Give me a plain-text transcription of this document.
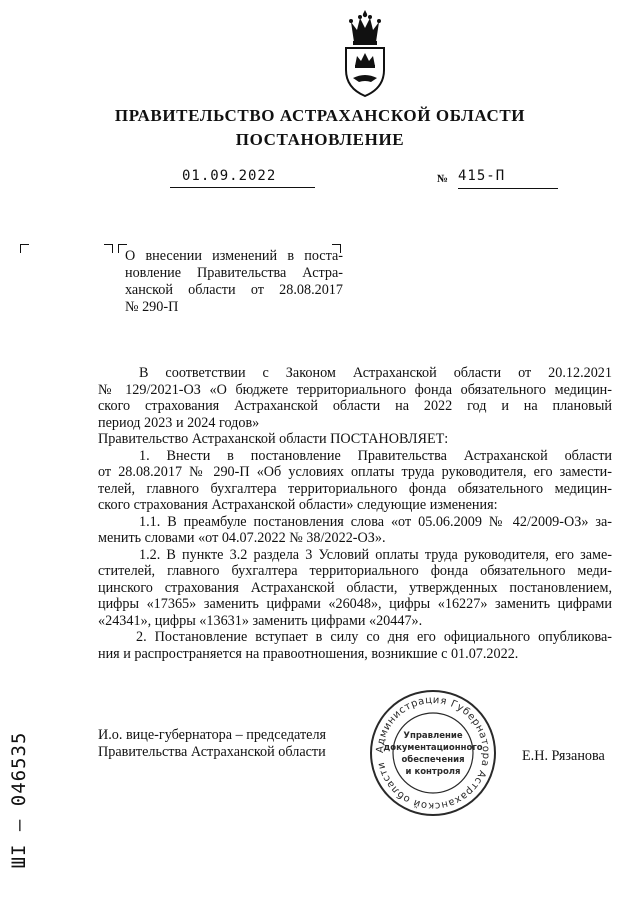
ПРАВИТЕЛЬСТВО АСТРАХАНСКОЙ ОБЛАСТИ
ПОСТАНОВЛЕНИЕ
01.09.2022	№ 415-П
О внесении изменений в поста-
новление Правительства Астра-
ханской области от 28.08.2017
№ 290-П
В соответствии с Законом Астраханской области от 20.12.2021
№ 129/2021-ОЗ «О бюджете территориального фонда обязательного медицин-
ского страхования Астраханской области на 2022 год и на плановый
период 2023 и 2024 годов»
Правительство Астраханской области ПОСТАНОВЛЯЕТ:
1. Внести в постановление Правительства Астраханской области
от 28.08.2017 № 290-П «Об условиях оплаты труда руководителя, его замести-
телей, главного бухгалтера территориального фонда обязательного медицин-
ского страхования Астраханской области» следующие изменения:
1.1. В преамбуле постановления слова «от 05.06.2009 № 42/2009-ОЗ» за-
менить словами «от 04.07.2022 № 38/2022-ОЗ».
1.2. В пункте 3.2 раздела 3 Условий оплаты труда руководителя, его заме-
стителей, главного бухгалтера территориального фонда обязательного меди-
цинского страхования Астраханской области, утвержденных постановлением,
цифры «17365» заменить цифрами «26048», цифры «16227» заменить цифрами
«24341», цифры «13631» заменить цифрами «20447».
2. Постановление вступает в силу со дня его официального опубликова-
ния и распространяется на правоотношения, возникшие с 01.07.2022.
И.о. вице-губернатора – председателя
Правительства Астраханской области	Администрация Губернатора Астраханской области
Управление
документационного
обеспечения
и контроля
Е.Н. Рязанова
ШI – 046535
